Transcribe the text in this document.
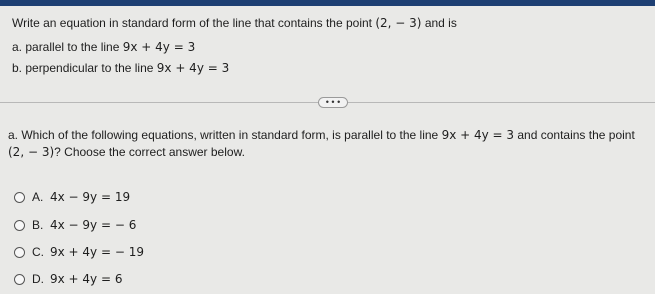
Write an equation in standard form of the line that contains the point (2, − 3) and is
a. parallel to the line 9x + 4y = 3
b. perpendicular to the line 9x + 4y = 3
• • •
a. Which of the following equations, written in standard form, is parallel to the line 9x + 4y = 3 and contains the point (2, − 3)? Choose the correct answer below.
A. 4x − 9y = 19
B. 4x − 9y = − 6
C. 9x + 4y = − 19
D. 9x + 4y = 6
